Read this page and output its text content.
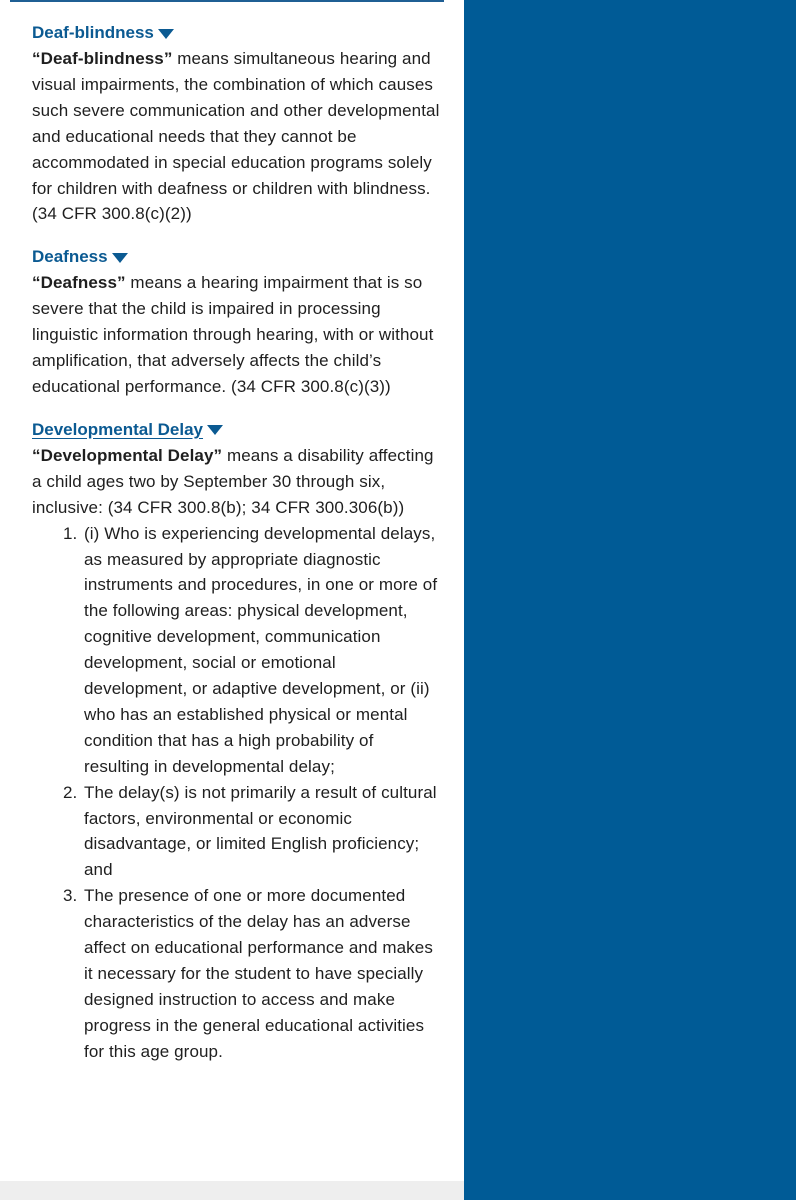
Deaf-blindness

“Deaf-blindness” means simultaneous hearing and visual impairments, the combination of which causes such severe communication and other developmental and educational needs that they cannot be accommodated in special education programs solely for children with deafness or children with blindness. (34 CFR 300.8(c)(2))

Deafness

“Deafness” means a hearing impairment that is so severe that the child is impaired in processing linguistic information through hearing, with or without amplification, that adversely affects the child’s educational performance. (34 CFR 300.8(c)(3))

Developmental Delay

“Developmental Delay” means a disability affecting a child ages two by September 30 through six, inclusive: (34 CFR 300.8(b); 34 CFR 300.306(b))

1. (i) Who is experiencing developmental delays, as measured by appropriate diagnostic instruments and procedures, in one or more of the following areas: physical development, cognitive development, communication development, social or emotional development, or adaptive development, or (ii) who has an established physical or mental condition that has a high probability of resulting in developmental delay;
2. The delay(s) is not primarily a result of cultural factors, environmental or economic disadvantage, or limited English proficiency; and
3. The presence of one or more documented characteristics of the delay has an adverse affect on educational performance and makes it necessary for the student to have specially designed instruction to access and make progress in the general educational activities for this age group.
